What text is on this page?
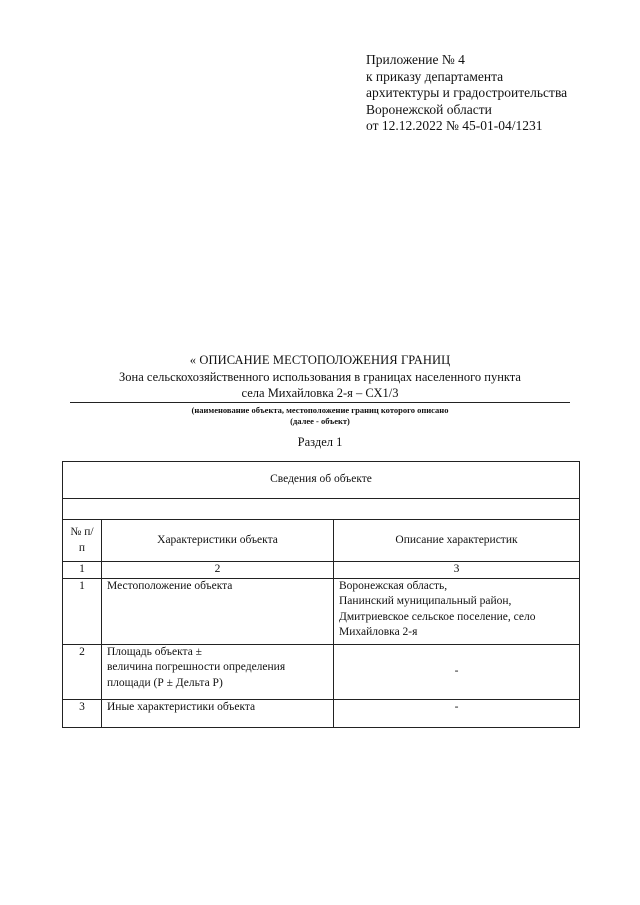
Приложение № 4
к приказу департамента
архитектуры и градостроительства
Воронежской области
от 12.12.2022 № 45-01-04/1231
« ОПИСАНИЕ МЕСТОПОЛОЖЕНИЯ ГРАНИЦ
Зона сельскохозяйственного использования в границах населенного пункта
села Михайловка 2-я – СХ1/3
(наименование объекта, местоположение границ которого описано
(далее - объект)
Раздел 1
Сведения об объекте		

№ п/п	Характеристики объекта	Описание характеристик
1	2	3
1	Местоположение объекта	Воронежская область,
Панинский муниципальный район,
Дмитриевское сельское поселение, село
Михайловка 2-я

2	Площадь объекта ±
величина погрешности определения
площади (Р ± Дельта Р)	-
3	Иные характеристики объекта	-
